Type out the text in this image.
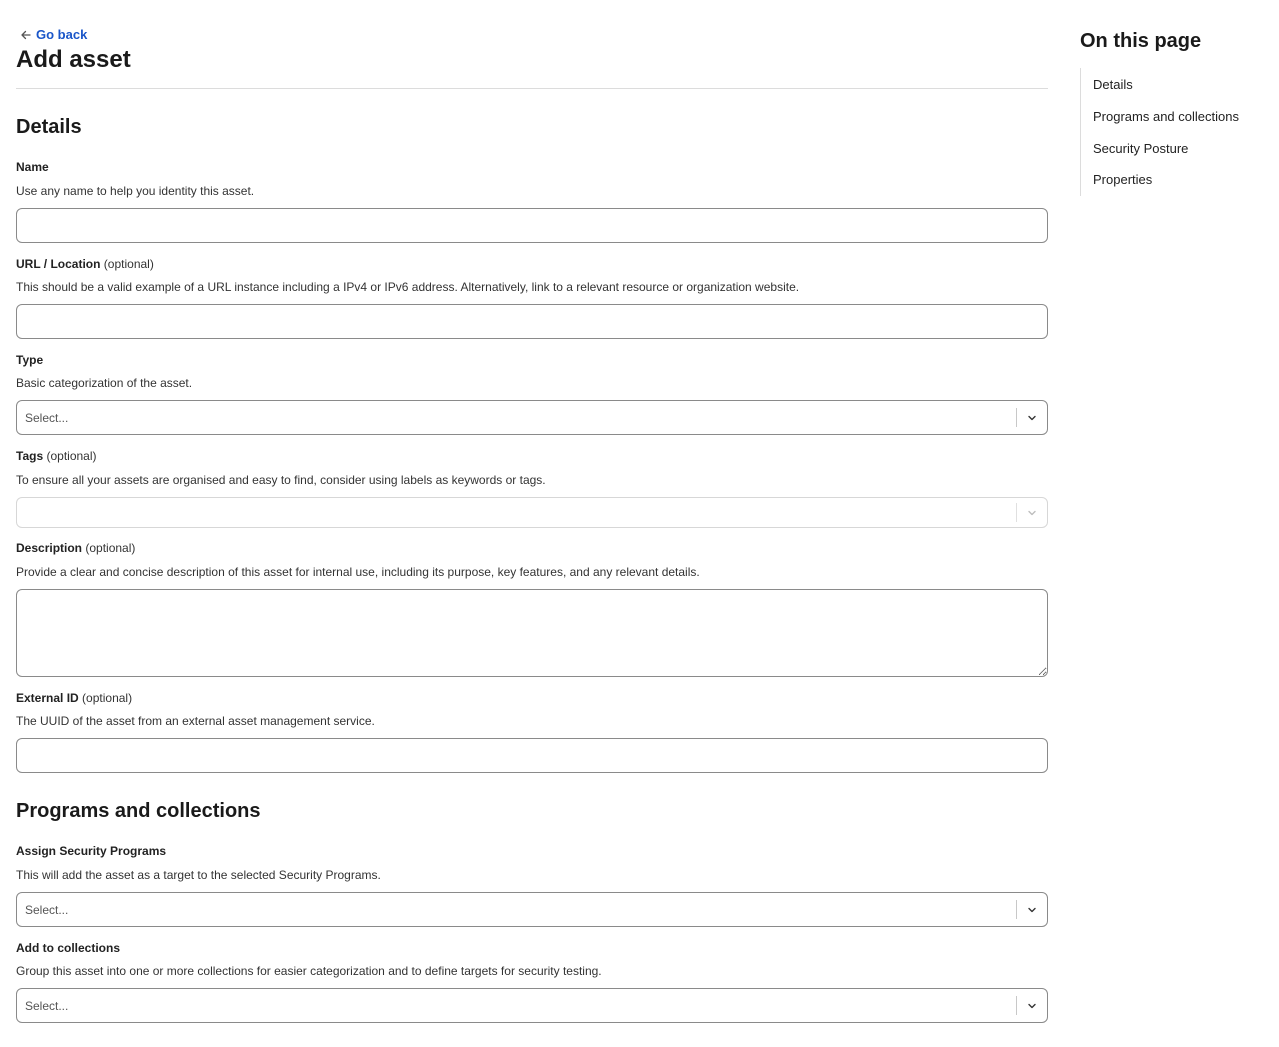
Go back
Add asset
Details
Name
Use any name to help you identity this asset.
URL / Location (optional)
This should be a valid example of a URL instance including a IPv4 or IPv6 address. Alternatively, link to a relevant resource or organization website.
Type
Basic categorization of the asset.
Select...
Tags (optional)
To ensure all your assets are organised and easy to find, consider using labels as keywords or tags.
Description (optional)
Provide a clear and concise description of this asset for internal use, including its purpose, key features, and any relevant details.
External ID (optional)
The UUID of the asset from an external asset management service.
Programs and collections
Assign Security Programs
This will add the asset as a target to the selected Security Programs.
Select...
Add to collections
Group this asset into one or more collections for easier categorization and to define targets for security testing.
Select...
On this page
Details
Programs and collections
Security Posture
Properties
